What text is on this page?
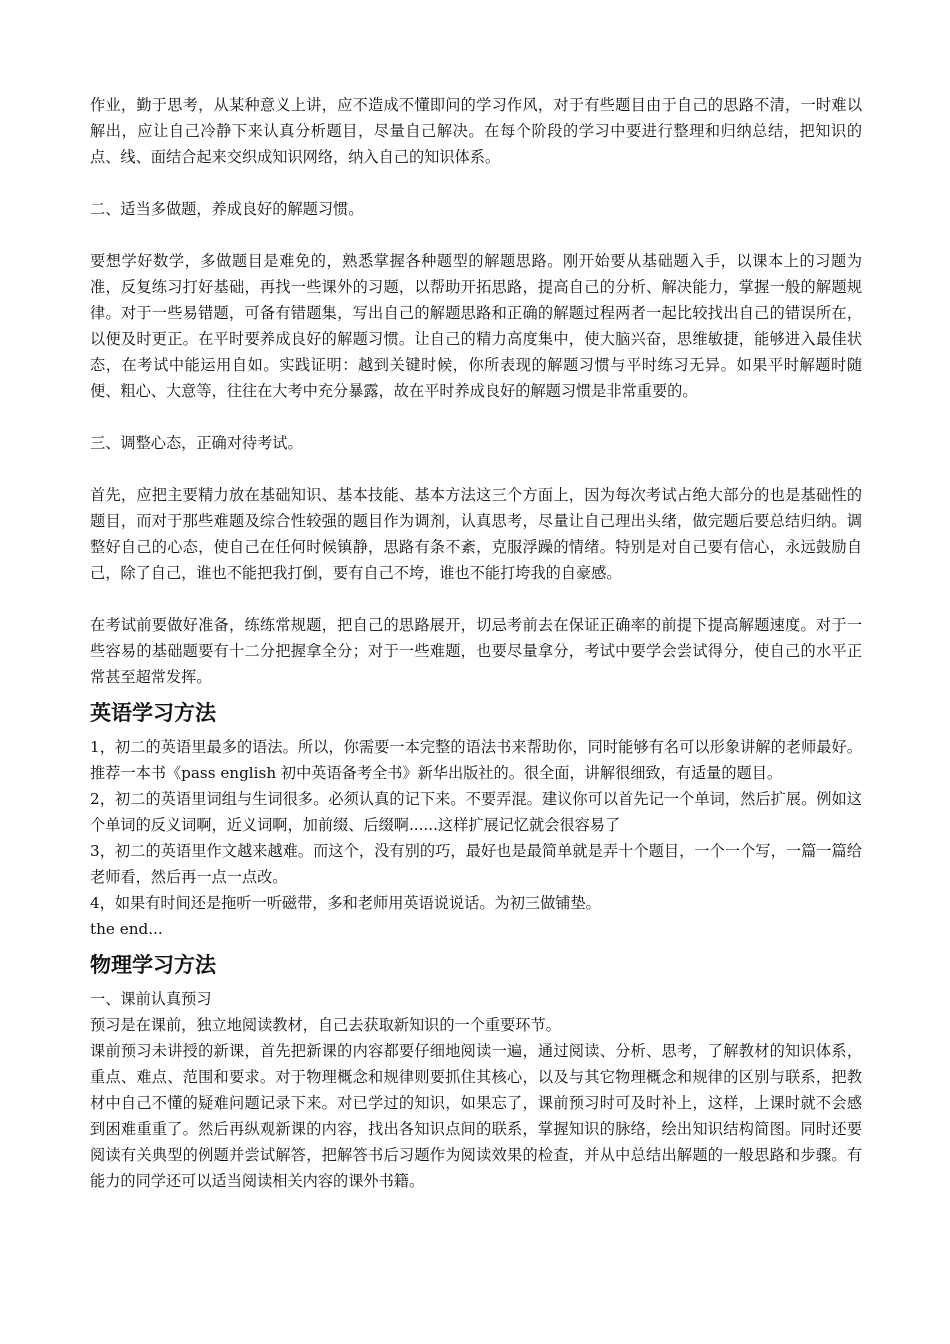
作业，勤于思考，从某种意义上讲，应不造成不懂即问的学习作风，对于有些题目由于自己的思路不清，一时难以解出，应让自己冷静下来认真分析题目，尽量自己解决。在每个阶段的学习中要进行整理和归纳总结，把知识的点、线、面结合起来交织成知识网络，纳入自己的知识体系。

二、适当多做题，养成良好的解题习惯。

要想学好数学，多做题目是难免的，熟悉掌握各种题型的解题思路。刚开始要从基础题入手，以课本上的习题为准，反复练习打好基础，再找一些课外的习题，以帮助开拓思路，提高自己的分析、解决能力，掌握一般的解题规律。对于一些易错题，可备有错题集，写出自己的解题思路和正确的解题过程两者一起比较找出自己的错误所在，以便及时更正。在平时要养成良好的解题习惯。让自己的精力高度集中，使大脑兴奋，思维敏捷，能够进入最佳状态，在考试中能运用自如。实践证明：越到关键时候，你所表现的解题习惯与平时练习无异。如果平时解题时随便、粗心、大意等，往往在大考中充分暴露，故在平时养成良好的解题习惯是非常重要的。

三、调整心态，正确对待考试。

首先，应把主要精力放在基础知识、基本技能、基本方法这三个方面上，因为每次考试占绝大部分的也是基础性的题目，而对于那些难题及综合性较强的题目作为调剂，认真思考，尽量让自己理出头绪，做完题后要总结归纳。调整好自己的心态，使自己在任何时候镇静，思路有条不紊，克服浮躁的情绪。特别是对自己要有信心，永远鼓励自己，除了自己，谁也不能把我打倒，要有自己不垮，谁也不能打垮我的自豪感。

在考试前要做好准备，练练常规题，把自己的思路展开，切忌考前去在保证正确率的前提下提高解题速度。对于一些容易的基础题要有十二分把握拿全分；对于一些难题，也要尽量拿分，考试中要学会尝试得分，使自己的水平正常甚至超常发挥。

英语学习方法

1，初二的英语里最多的语法。所以，你需要一本完整的语法书来帮助你，同时能够有名可以形象讲解的老师最好。推荐一本书《pass english 初中英语备考全书》新华出版社的。很全面，讲解很细致，有适量的题目。

2，初二的英语里词组与生词很多。必须认真的记下来。不要弄混。建议你可以首先记一个单词，然后扩展。例如这个单词的反义词啊，近义词啊，加前缀、后缀啊......这样扩展记忆就会很容易了

3，初二的英语里作文越来越难。而这个，没有别的巧，最好也是最简单就是弄十个题目，一个一个写，一篇一篇给老师看，然后再一点一点改。

4，如果有时间还是拖听一听磁带，多和老师用英语说说话。为初三做铺垫。

the end...

物理学习方法

一、课前认真预习

预习是在课前，独立地阅读教材，自己去获取新知识的一个重要环节。

课前预习未讲授的新课，首先把新课的内容都要仔细地阅读一遍，通过阅读、分析、思考，了解教材的知识体系，重点、难点、范围和要求。对于物理概念和规律则要抓住其核心，以及与其它物理概念和规律的区别与联系，把教材中自己不懂的疑难问题记录下来。对已学过的知识，如果忘了，课前预习时可及时补上，这样，上课时就不会感到困难重重了。然后再纵观新课的内容，找出各知识点间的联系，掌握知识的脉络，绘出知识结构简图。同时还要阅读有关典型的例题并尝试解答，把解答书后习题作为阅读效果的检查，并从中总结出解题的一般思路和步骤。有能力的同学还可以适当阅读相关内容的课外书籍。
